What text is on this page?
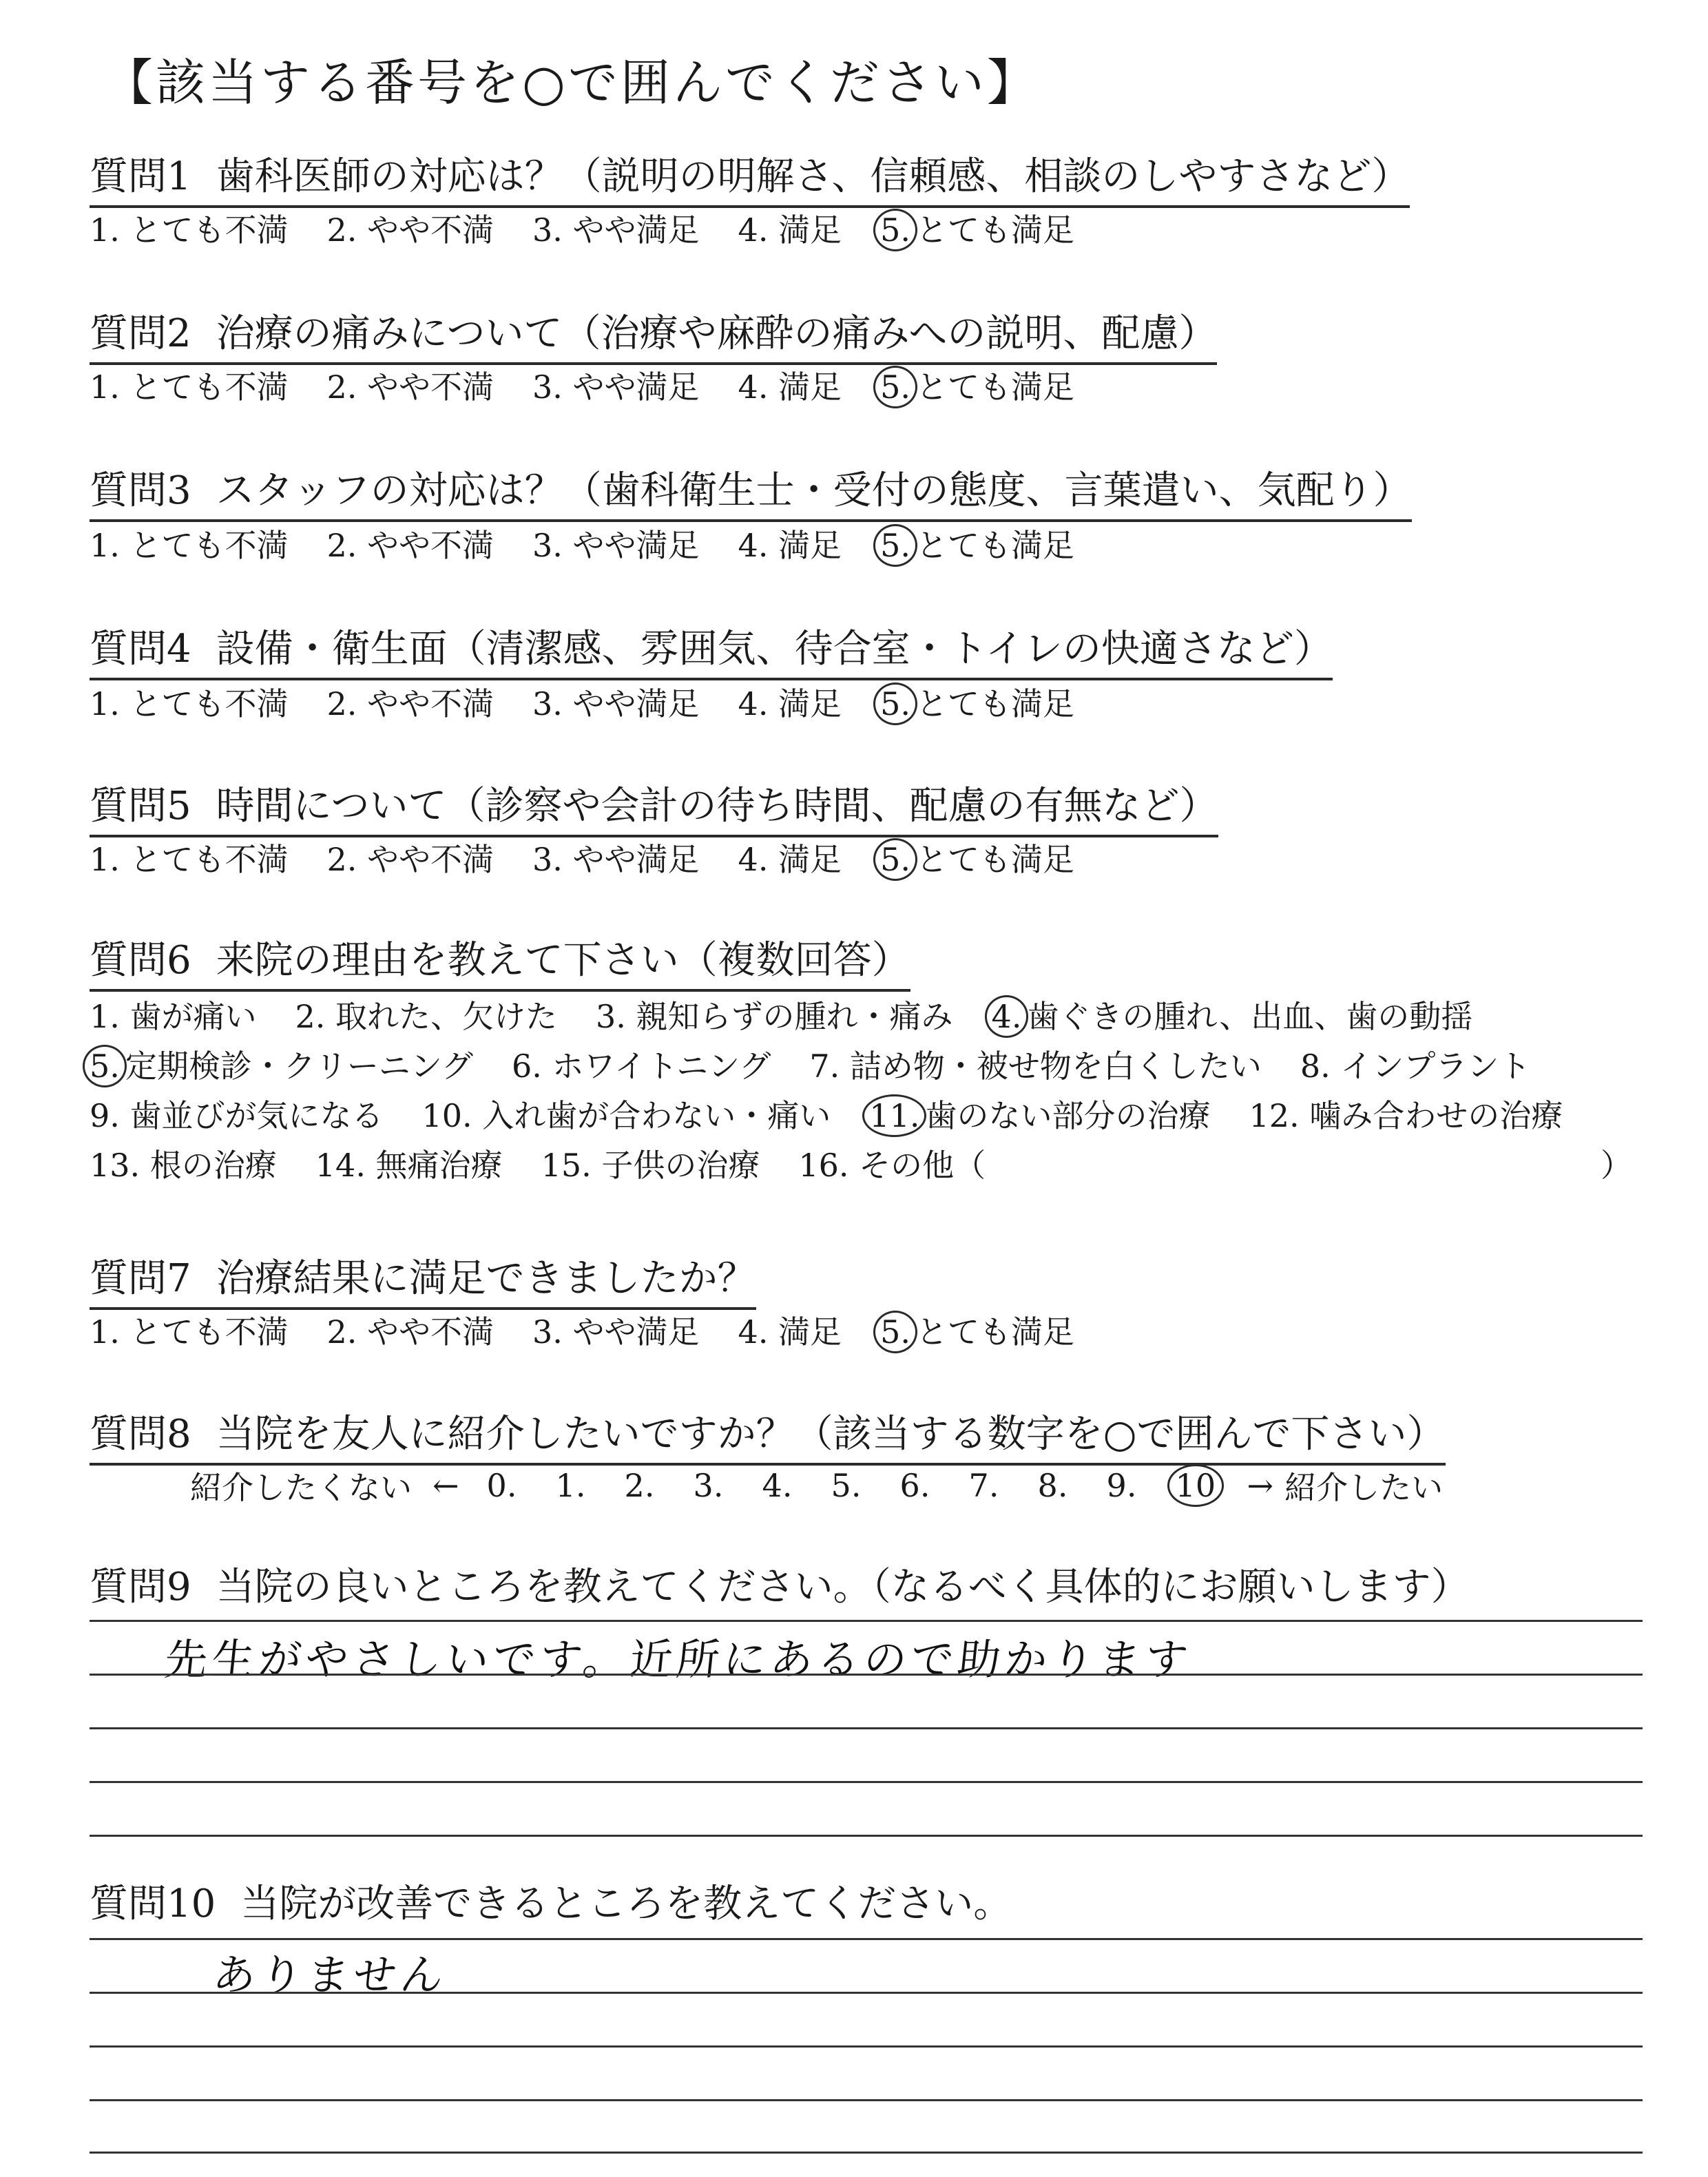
【該当する番号を○で囲んでください】
質問1 歯科医師の対応は？（説明の明解さ、信頼感、相談のしやすさなど）
1. とても不満 2. やや不満 3. やや満足 4. 満足 5. とても満足
質問2 治療の痛みについて（治療や麻酔の痛みへの説明、配慮）
1. とても不満 2. やや不満 3. やや満足 4. 満足 5. とても満足
質問3 スタッフの対応は？（歯科衛生士・受付の態度、言葉遣い、気配り）
1. とても不満 2. やや不満 3. やや満足 4. 満足 5. とても満足
質問4 設備・衛生面（清潔感、雰囲気、待合室・トイレの快適さなど）
1. とても不満 2. やや不満 3. やや満足 4. 満足 5. とても満足
質問5 時間について（診察や会計の待ち時間、配慮の有無など）
1. とても不満 2. やや不満 3. やや満足 4. 満足 5. とても満足
質問6 来院の理由を教えて下さい（複数回答）
1. 歯が痛い 2. 取れた、欠けた 3. 親知らずの腫れ・痛み 4. 歯ぐきの腫れ、出血、歯の動揺
5. 定期検診・クリーニング 6. ホワイトニング 7. 詰め物・被せ物を白くしたい 8. インプラント
9. 歯並びが気になる 10. 入れ歯が合わない・痛い 11. 歯のない部分の治療 12. 噛み合わせの治療
13. 根の治療 14. 無痛治療 15. 子供の治療 16. その他（	）
質問7 治療結果に満足できましたか？
1. とても不満 2. やや不満 3. やや満足 4. 満足 5. とても満足
質問8 当院を友人に紹介したいですか？（該当する数字を○で囲んで下さい）
紹介したくない ← 0.	1.	2.	3.	4.	5.	6.	7.	8.	9.	10 → 紹介したい
質問9 当院の良いところを教えてください。（なるべく具体的にお願いします）
先生がやさしいです。近所にあるので助かります
質問10 当院が改善できるところを教えてください。
ありません
